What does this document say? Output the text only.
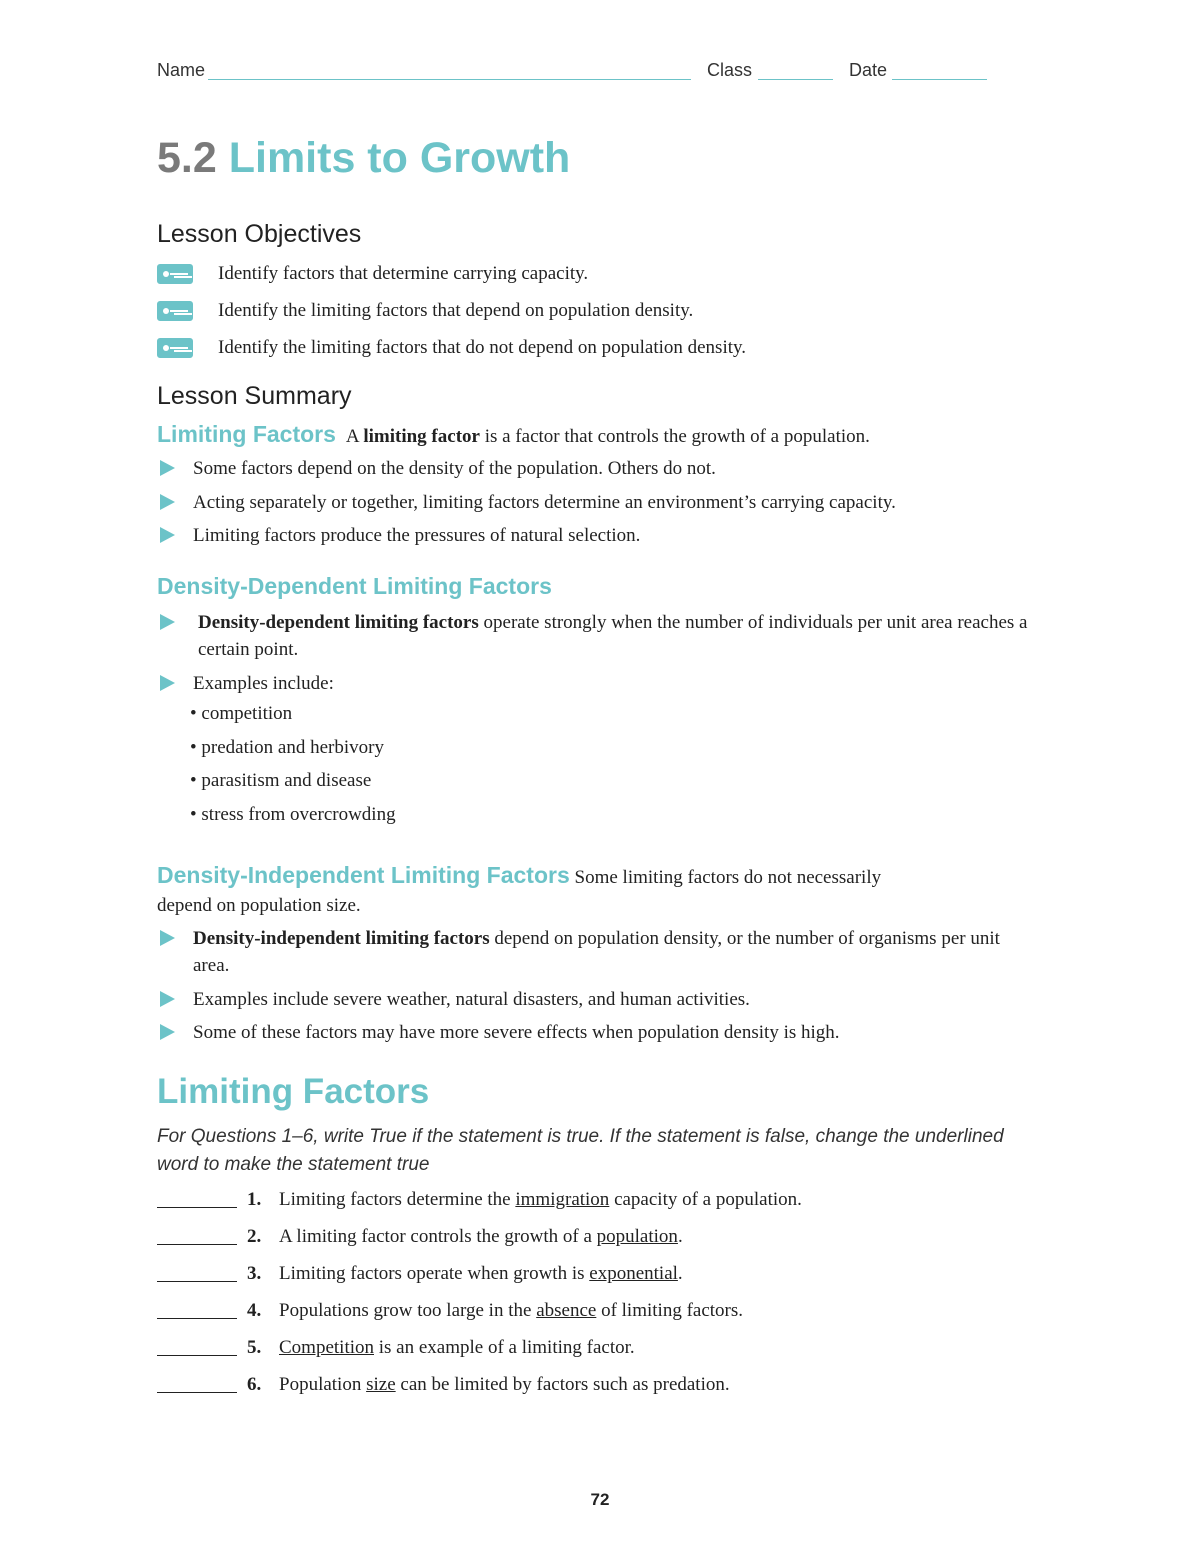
Name	Class	Date
5.2 Limits to Growth
Lesson Objectives
Identify factors that determine carrying capacity.
Identify the limiting factors that depend on population density.
Identify the limiting factors that do not depend on population density.
Lesson Summary
Limiting Factors A limiting factor is a factor that controls the growth of a population.
Some factors depend on the density of the population. Others do not.
Acting separately or together, limiting factors determine an environment’s carrying capacity.
Limiting factors produce the pressures of natural selection.
Density-Dependent Limiting Factors
Density-dependent limiting factors operate strongly when the number of individuals per unit area reaches a certain point.
Examples include:
• competition
• predation and herbivory
• parasitism and disease
• stress from overcrowding
Density-Independent Limiting Factors Some limiting factors do not necessarily
depend on population size.
Density-independent limiting factors depend on population density, or the number of organisms per unit area.
Examples include severe weather, natural disasters, and human activities.
Some of these factors may have more severe effects when population density is high.
Limiting Factors
For Questions 1–6, write True if the statement is true. If the statement is false, change the underlined word to make the statement true
1. Limiting factors determine the immigration capacity of a population.
2. A limiting factor controls the growth of a population.
3. Limiting factors operate when growth is exponential.
4. Populations grow too large in the absence of limiting factors.
5. Competition is an example of a limiting factor.
6. Population size can be limited by factors such as predation.
72
